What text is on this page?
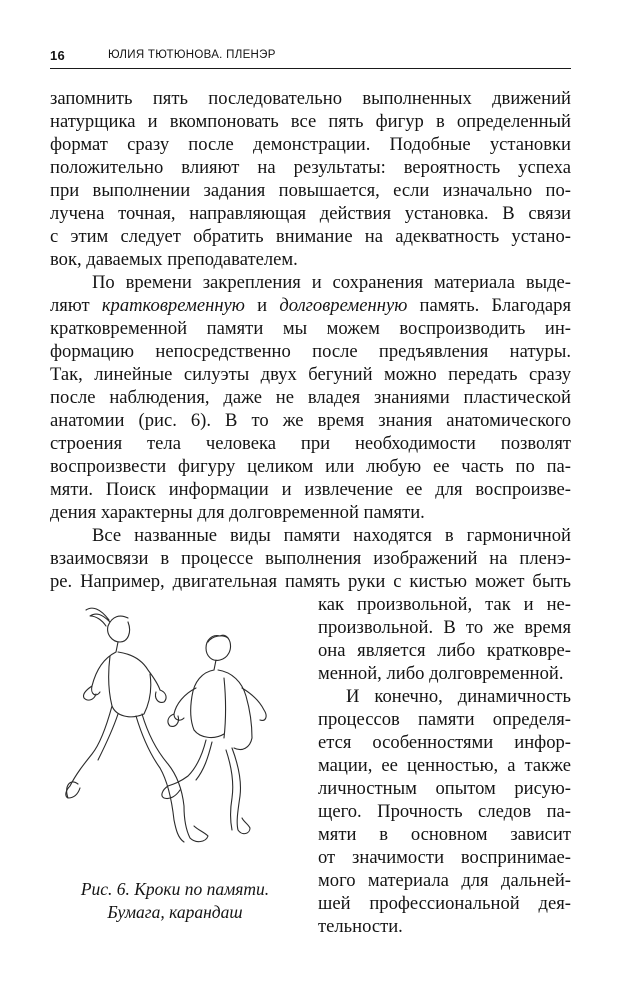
16	ЮЛИЯ ТЮТЮНОВА. ПЛЕНЭР
запомнить пять последовательно выполненных движений
натурщика и вкомпоновать все пять фигур в определенный
формат сразу после демонстрации. Подобные установки
положительно влияют на результаты: вероятность успеха
при выполнении задания повышается, если изначально по-
лучена точная, направляющая действия установка. В связи
с этим следует обратить внимание на адекватность устано-
вок, даваемых преподавателем.
По времени закрепления и сохранения материала выде-
ляют кратковременную и долговременную память. Благодаря
кратковременной памяти мы можем воспроизводить ин-
формацию непосредственно после предъявления натуры.
Так, линейные силуэты двух бегуний можно передать сразу
после наблюдения, даже не владея знаниями пластической
анатомии (рис. 6). В то же время знания анатомического
строения тела человека при необходимости позволят
воспроизвести фигуру целиком или любую ее часть по па-
мяти. Поиск информации и извлечение ее для воспроизве-
дения характерны для долговременной памяти.
Все названные виды памяти находятся в гармоничной
взаимосвязи в процессе выполнения изображений на пленэ-
ре. Например, двигательная память руки с кистью может быть
как произвольной, так и не-
произвольной. В то же время
она является либо кратковре-
менной, либо долговременной.
И конечно, динамичность
процессов памяти определя-
ется особенностями инфор-
мации, ее ценностью, а также
личностным опытом рисую-
щего. Прочность следов па-
мяти в основном зависит
от значимости воспринимае-
мого материала для дальней-
шей профессиональной дея-
тельности.
Рис. 6. Кроки по памяти.
Бумага, карандаш
